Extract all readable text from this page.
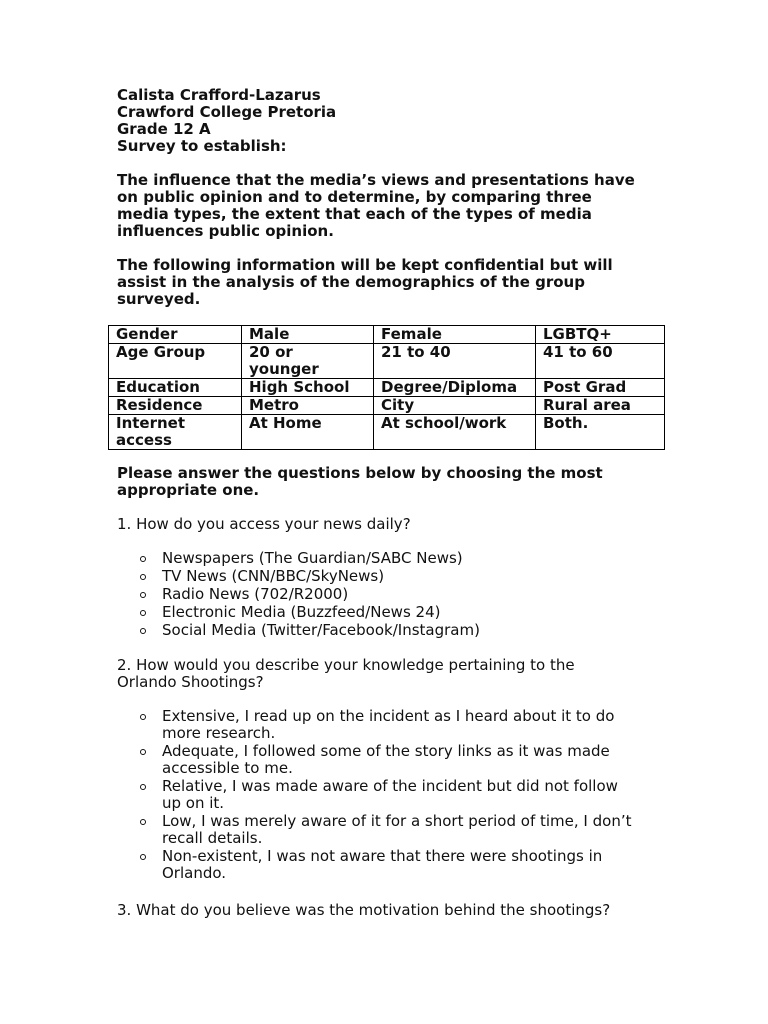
Calista Crafford-Lazarus
Crawford College Pretoria
Grade 12 A
Survey to establish:
The influence that the media’s views and presentations have
on public opinion and to determine, by comparing three
media types, the extent that each of the types of media
influences public opinion.
The following information will be kept confidential but will
assist in the analysis of the demographics of the group
surveyed.
Gender	Male	Female	LGBTQ+
Age Group	20 or younger	21 to 40	41 to 60
Education	High School	Degree/Diploma	Post Grad
Residence	Metro	City	Rural area
Internet access	At Home	At school/work	Both.
Please answer the questions below by choosing the most
appropriate one.
1. How do you access your news daily?
Newspapers (The Guardian/SABC News)
TV News (CNN/BBC/SkyNews)
Radio News (702/R2000)
Electronic Media (Buzzfeed/News 24)
Social Media (Twitter/Facebook/Instagram)
2. How would you describe your knowledge pertaining to the
Orlando Shootings?
Extensive, I read up on the incident as I heard about it to do
more research.
Adequate, I followed some of the story links as it was made
accessible to me.
Relative, I was made aware of the incident but did not follow
up on it.
Low, I was merely aware of it for a short period of time, I don’t
recall details.
Non-existent, I was not aware that there were shootings in
Orlando.
3. What do you believe was the motivation behind the shootings?
